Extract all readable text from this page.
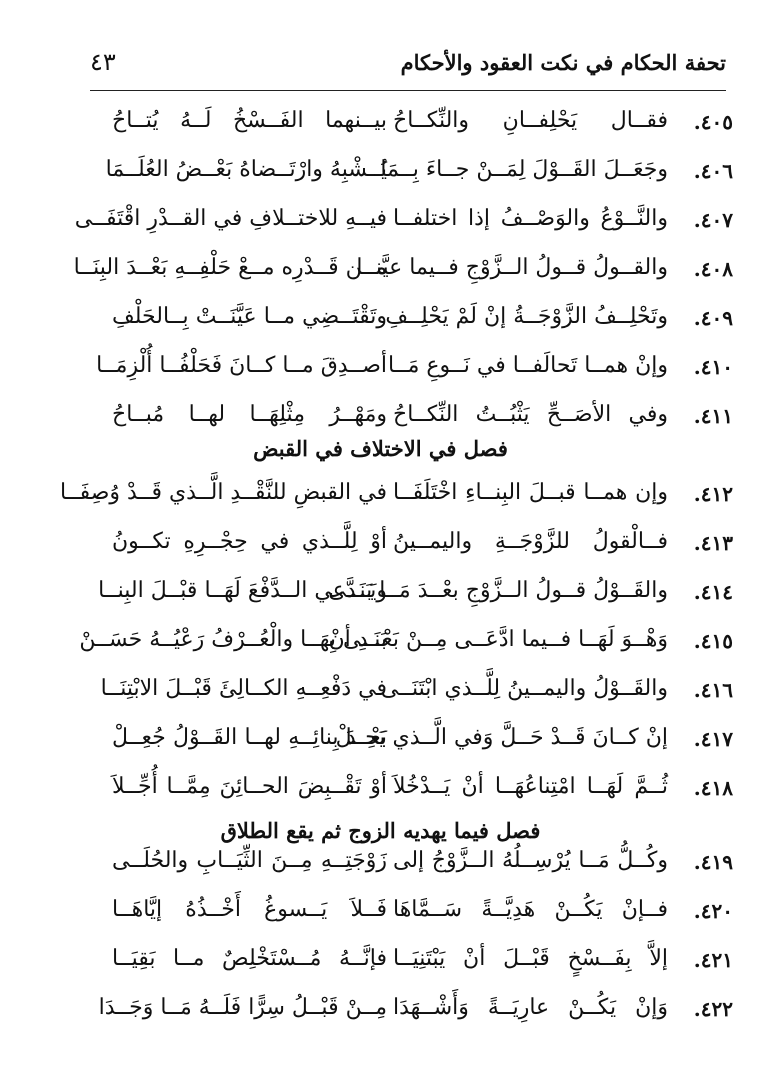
تحفة الحكام في نكت العقود والأحكام
٤٣
٤٠٥.
فقــال يَحْلِفــانِ والنِّكــاحُ
بيــنهما الفَــسْخُ لَــهُ يُتــاحُ
٤٠٦.
وجَعَــلَ القَــوْلَ لِمَــنْ جــاءَ بِــمَا
يُــشْبِهُ وارْتَــضاهُ بَعْــضُ العُلَــمَا
٤٠٧.
والنَّــوْعُ والوَصْــفُ إذا اختلفــا
فيــهِ للاختــلافِ في القــدْرِ اقْتَفَــى
٤٠٨.
والقــولُ قــولُ الــزَّوْجِ فــيما عيَّنــا
مــن قَــدْرِه مــعْ حَلْفِــهِ بَعْــدَ البِنَــا
٤٠٩.
وتَحْلِــفُ الزَّوْجَــةُ إنْ لَمْ يَحْلِــفِ
وتَقْتَــضِي مــا عَيَّنَــتْ بِــالحَلْفِ
٤١٠.
وإنْ همــا تَحالَفــا في نَــوعِ مَــا
أصــدِقَ مــا كــانَ فَحَلْفُــا أُلْزِمَــا
٤١١.
وفي الأصَــحِّ يَثْبُــتُ النِّكــاحُ
ومَهْــرُ مِثْلِهَــا لهــا مُبــاحُ
فصل في الاختلاف في القبض
٤١٢.
وإن همــا قبــلَ البِنــاءِ اخْتَلَفَــا
في القبضِ للنَّقْــدِ الَّــذي قَــدْ وُصِفَــا
٤١٣.
فــالْقولُ للزَّوْجَــةِ واليمــينُ
أوْ لِلَّــذي في حِجْــرِهِ تكــونُ
٤١٤.
والقَــوْلُ قــولُ الــزَّوْجِ بعْــدَ مَــا بَنَــى
ويَــدَّعي الــدَّفْعَ لَهَــا قبْــلَ البِنــا
٤١٥.
وَهْــوَ لَهَــا فــيما ادَّعَــى مِــنْ بَعْــدِ أنْ
بَنَــى بِهَــا والْعُــرْفُ رَعْيُــهُ حَسَــنْ
٤١٦.
والقَــوْلُ واليمــينُ لِلَّــذي ابْتَنَــى
في دَفْعِــهِ الكــالِئَ قَبْــلَ الابْتِنَــا
٤١٧.
إنْ كــانَ قَــدْ حَــلَّ وَفي الَّــذي يَحِــلْ
بَعْــدَ بِنائِــهِ لهــا القَــوْلُ جُعِــلْ
٤١٨.
ثُــمَّ لَهَــا امْتِناعُهَــا أنْ يَــدْخُلاَ
أوْ تَقْــبِضَ الحــائِنَ مِمَّــا أُجِّــلاَ
فصل فيما يهديه الزوج ثم يقع الطلاق
٤١٩.
وكُــلُّ مَــا يُرْسِــلُهُ الــزَّوْجُ إلى
زَوْجَتِــهِ مِــنَ الثِّيَــابِ والحُلَــى
٤٢٠.
فــإنْ يَكُــنْ هَدِيَّــةً سَــمَّاهَا
فَــلاَ يَــسوغُ أَخْــذُهُ إيَّاهَــا
٤٢١.
إلاَّ بِفَــسْخٍ قَبْــلَ أنْ يَبْتَنِيَــا
فإنَّــهُ مُــسْتَخْلِصٌ مــا بَقِيَــا
٤٢٢.
وَإنْ يَكُــنْ عارِيَــةً وَأَشْــهَدَا
مِــنْ قَبْــلُ سِرًّا فَلَــهُ مَــا وَجَــدَا
